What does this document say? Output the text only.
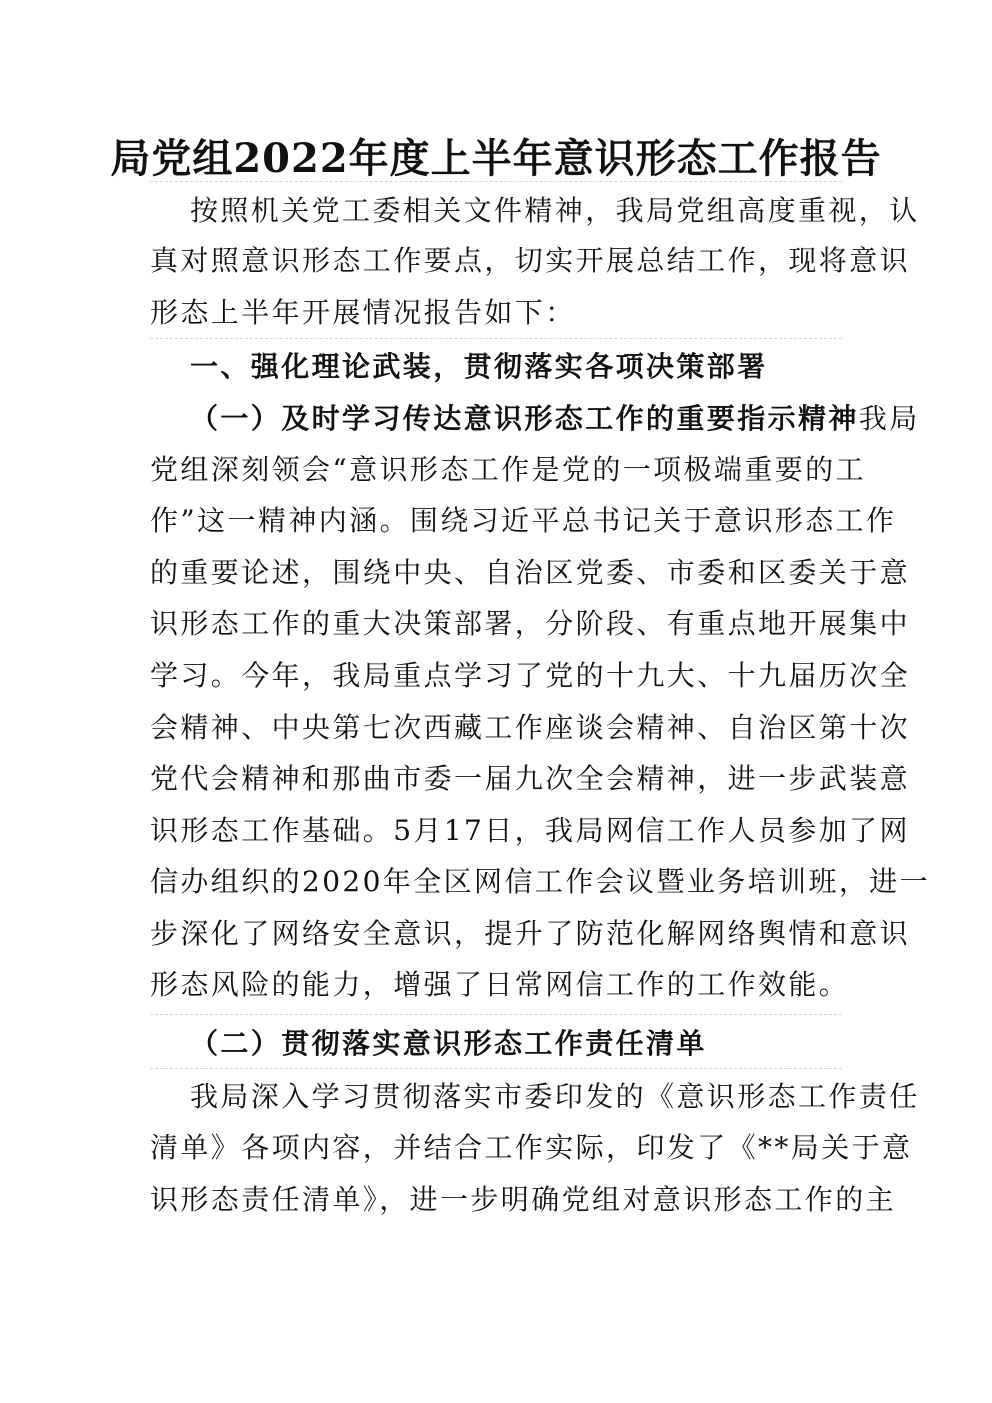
局党组2022年度上半年意识形态工作报告
按照机关党工委相关文件精神，我局党组高度重视，认
真对照意识形态工作要点，切实开展总结工作，现将意识
形态上半年开展情况报告如下：
一、强化理论武装，贯彻落实各项决策部署
（一）及时学习传达意识形态工作的重要指示精神我局
党组深刻领会“意识形态工作是党的一项极端重要的工
作”这一精神内涵。围绕习近平总书记关于意识形态工作
的重要论述，围绕中央、自治区党委、市委和区委关于意
识形态工作的重大决策部署，分阶段、有重点地开展集中
学习。今年，我局重点学习了党的十九大、十九届历次全
会精神、中央第七次西藏工作座谈会精神、自治区第十次
党代会精神和那曲市委一届九次全会精神，进一步武装意
识形态工作基础。5月17日，我局网信工作人员参加了网
信办组织的2020年全区网信工作会议暨业务培训班，进一
步深化了网络安全意识，提升了防范化解网络舆情和意识
形态风险的能力，增强了日常网信工作的工作效能。
（二）贯彻落实意识形态工作责任清单
我局深入学习贯彻落实市委印发的《意识形态工作责任
清单》各项内容，并结合工作实际，印发了《**局关于意
识形态责任清单》，进一步明确党组对意识形态工作的主
